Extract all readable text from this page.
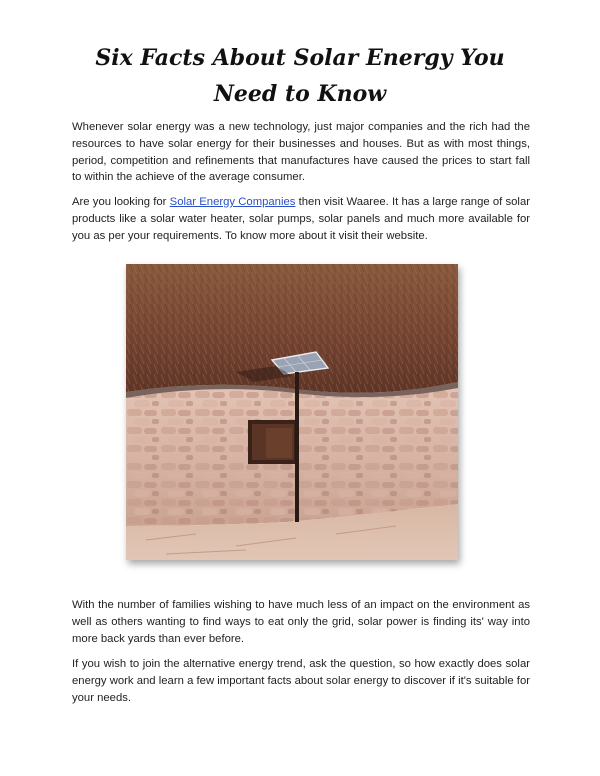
Six Facts About Solar Energy You Need to Know

Whenever solar energy was a new technology, just major companies and the rich had the resources to have solar energy for their businesses and houses. But as with most things, period, competition and refinements that manufactures have caused the prices to start fall to within the achieve of the average consumer.

Are you looking for Solar Energy Companies then visit Waaree. It has a large range of solar products like a solar water heater, solar pumps, solar panels and much more available for you as per your requirements. To know more about it visit their website.

With the number of families wishing to have much less of an impact on the environment as well as others wanting to find ways to eat only the grid, solar power is finding its' way into more back yards than ever before.

If you wish to join the alternative energy trend, ask the question, so how exactly does solar energy work and learn a few important facts about solar energy to discover if it's suitable for your needs.
